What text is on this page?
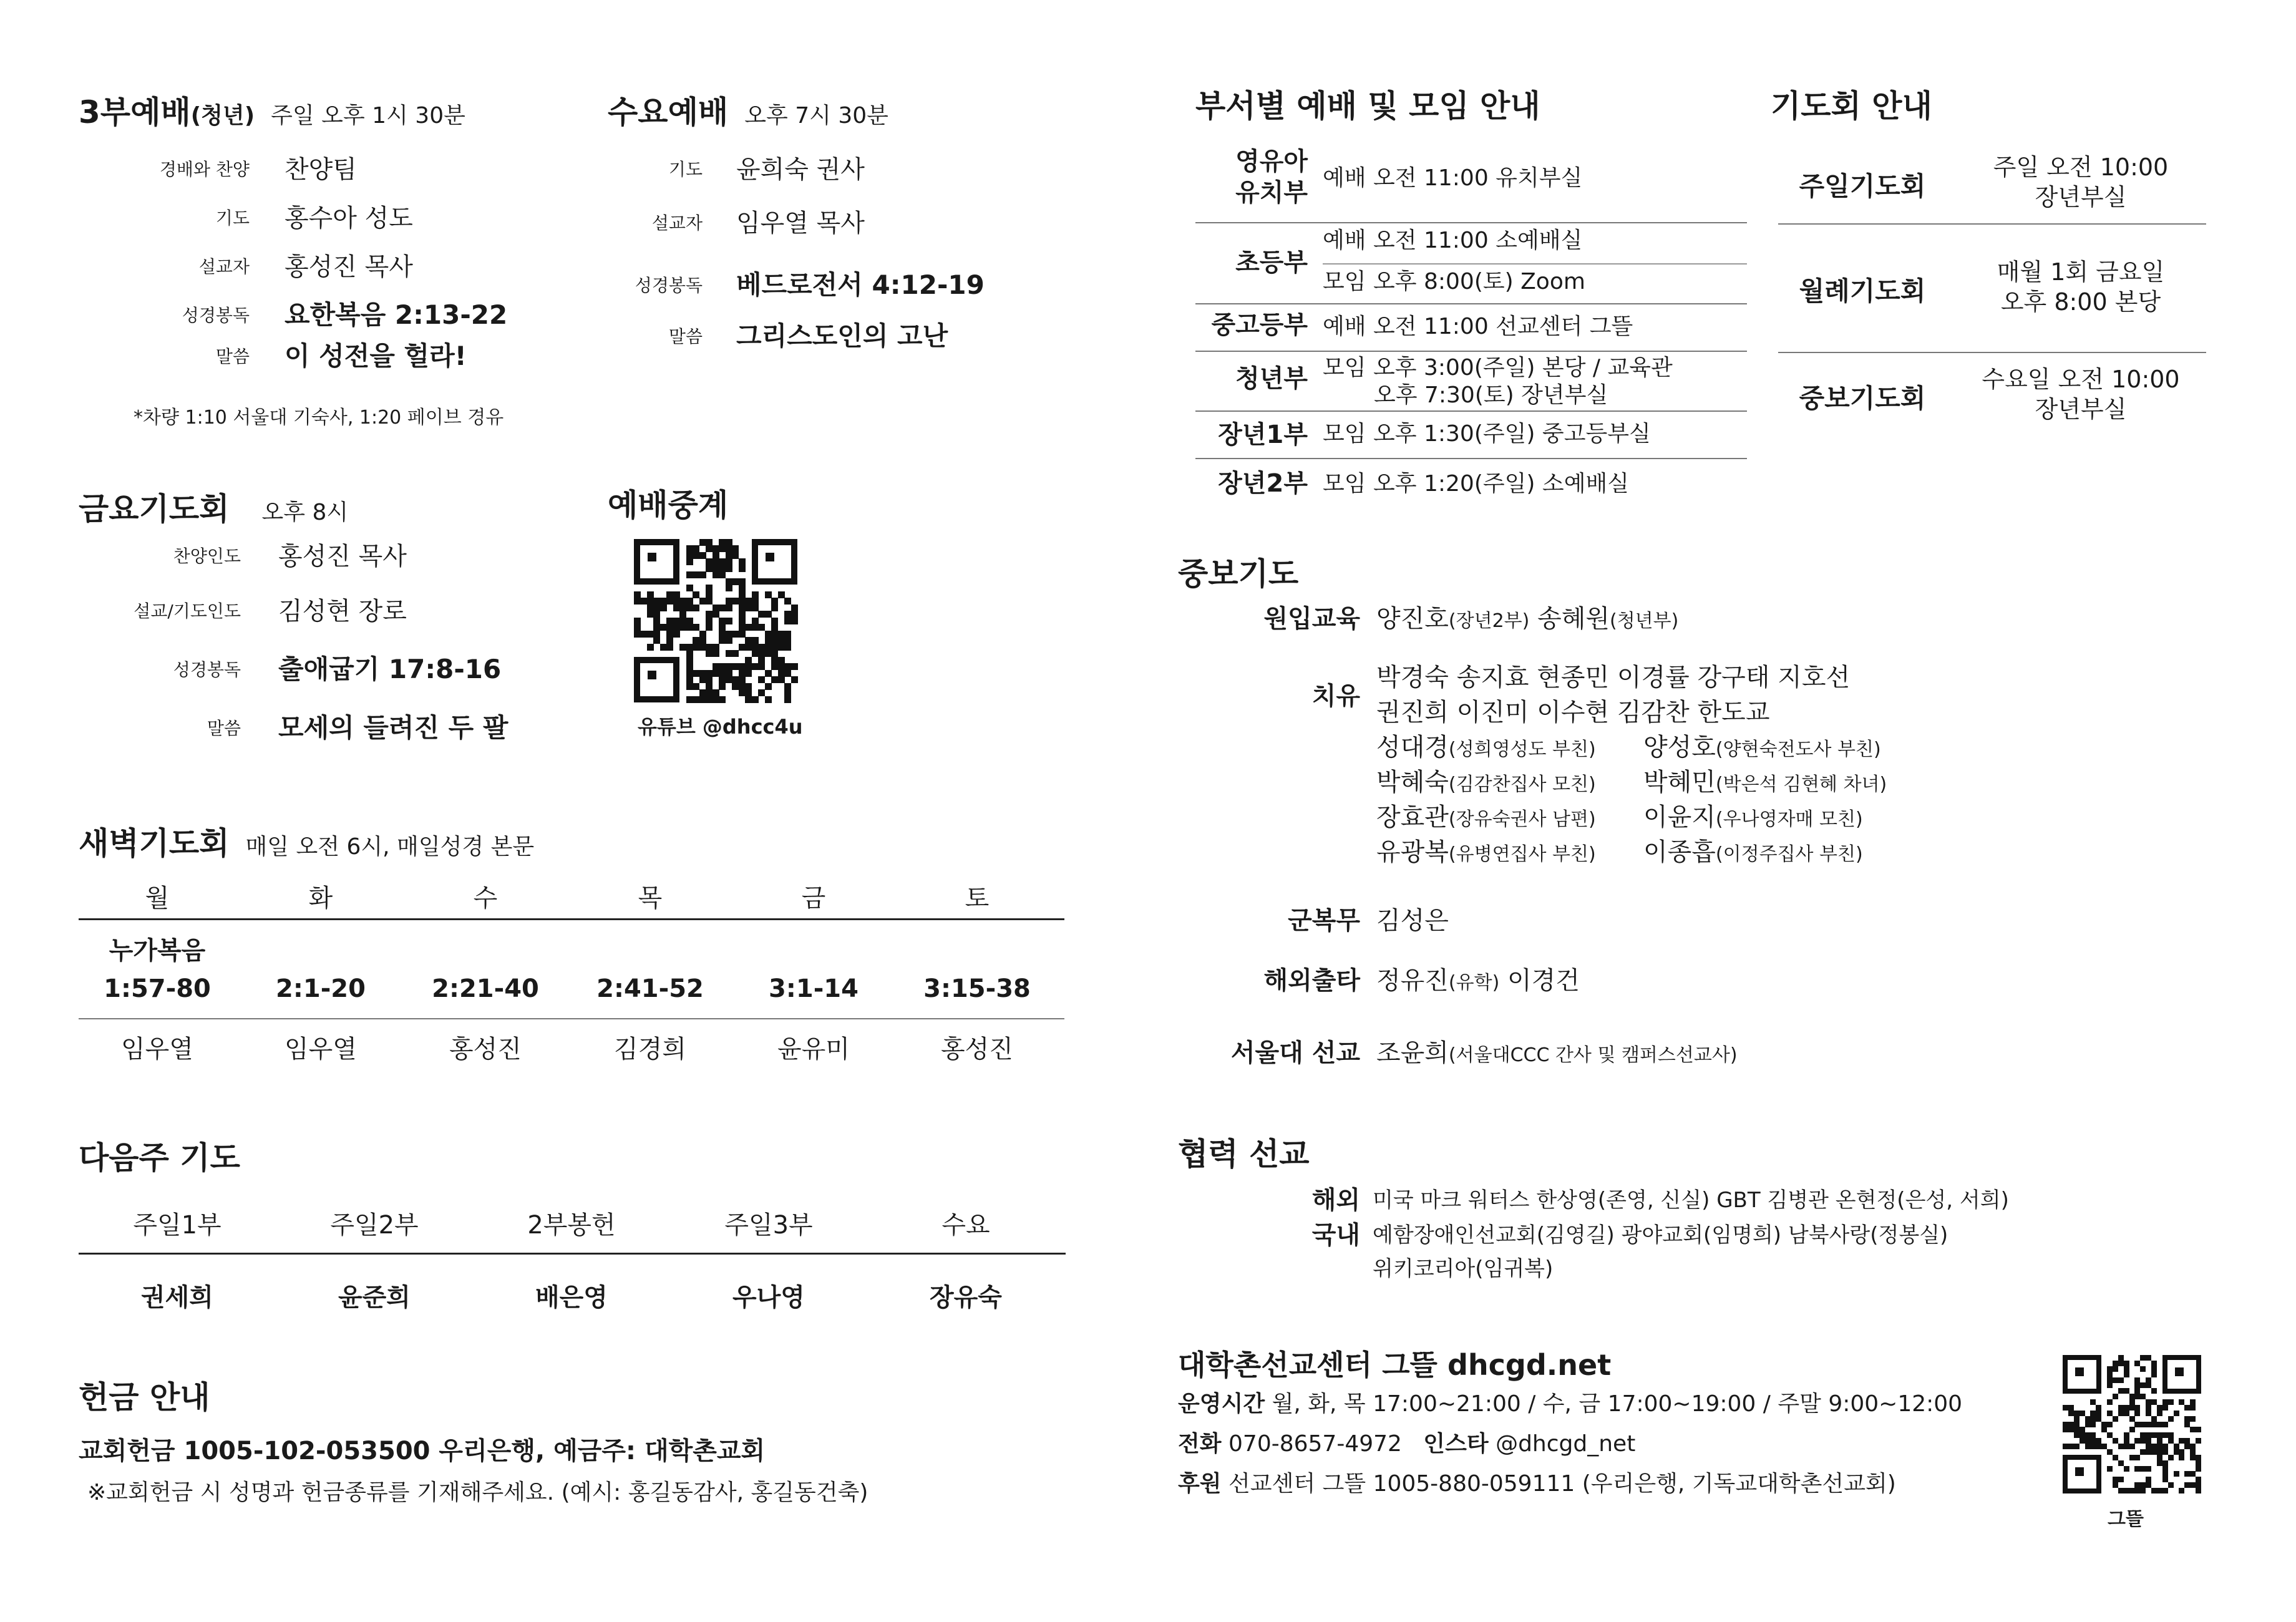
3부예배(청년) 주일 오후 1시 30분
경배와 찬양 찬양팀
기도 홍수아 성도
설교자 홍성진 목사
성경봉독 요한복음 2:13-22
말씀 이 성전을 헐라!
*차량 1:10 서울대 기숙사, 1:20 페이브 경유
수요예배 오후 7시 30분
기도 윤희숙 권사
설교자 임우열 목사
성경봉독 베드로전서 4:12-19
말씀 그리스도인의 고난
금요기도회 오후 8시
찬양인도 홍성진 목사
설교/기도인도 김성현 장로
성경봉독 출애굽기 17:8-16
말씀 모세의 들려진 두 팔
예배중계
유튜브 @dhcc4u
새벽기도회 매일 오전 6시, 매일성경 본문
월	화	수	목	금	토
누가복음
1:57-80	2:1-20	2:21-40 2:41-52	3:1-14	3:15-38
임우열	임우열	홍성진	김경희	윤유미	홍성진
다음주 기도
주일1부	주일2부	2부봉헌	주일3부	수요
권세희	윤준희	배은영	우나영	장유숙
헌금 안내
교회헌금 1005-102-053500 우리은행, 예금주: 대학촌교회
※교회헌금 시 성명과 헌금종류를 기재해주세요. (예시: 홍길동감사, 홍길동건축)
부서별 예배 및 모임 안내
영유아
유치부
예배 오전 11:00 유치부실
초등부
예배 오전 11:00 소예배실
모임 오후 8:00(토) Zoom
중고등부 예배 오전 11:00 선교센터 그뜰
청년부 모임 오후 3:00(주일) 본당 / 교육관
오후 7:30(토) 장년부실
장년1부 모임 오후 1:30(주일) 중고등부실
장년2부 모임 오후 1:20(주일) 소예배실
기도회 안내
주일기도회
주일 오전 10:00
장년부실
월례기도회
매월 1회 금요일
오후 8:00 본당
중보기도회
수요일 오전 10:00
장년부실
중보기도
원입교육 양진호(장년2부) 송혜원(청년부)
치유
박경숙 송지효 현종민 이경률 강구태 지호선
권진희 이진미 이수현 김감찬 한도교
성대경(성희영성도 부친) 양성호(양현숙전도사 부친)
박혜숙(김감찬집사 모친) 박혜민(박은석 김현혜 차녀)
장효관(장유숙권사 남편) 이윤지(우나영자매 모친)
유광복(유병연집사 부친) 이종흡(이정주집사 부친)
군복무 김성은
해외출타 정유진(유학) 이경건
서울대 선교 조윤희(서울대CCC 간사 및 캠퍼스선교사)
협력 선교
해외 미국 마크 워터스 한상영(존영, 신실) GBT 김병관 온현정(은성, 서희)
국내 예함장애인선교회(김영길) 광야교회(임명희) 남북사랑(정봉실)
위키코리아(임귀복)
대학촌선교센터 그뜰 dhcgd.net
운영시간 월, 화, 목 17:00~21:00 / 수, 금 17:00~19:00 / 주말 9:00~12:00
전화 070-8657-4972 인스타 @dhcgd_net
후원 선교센터 그뜰 1005-880-059111 (우리은행, 기독교대학촌선교회)
그뜰
